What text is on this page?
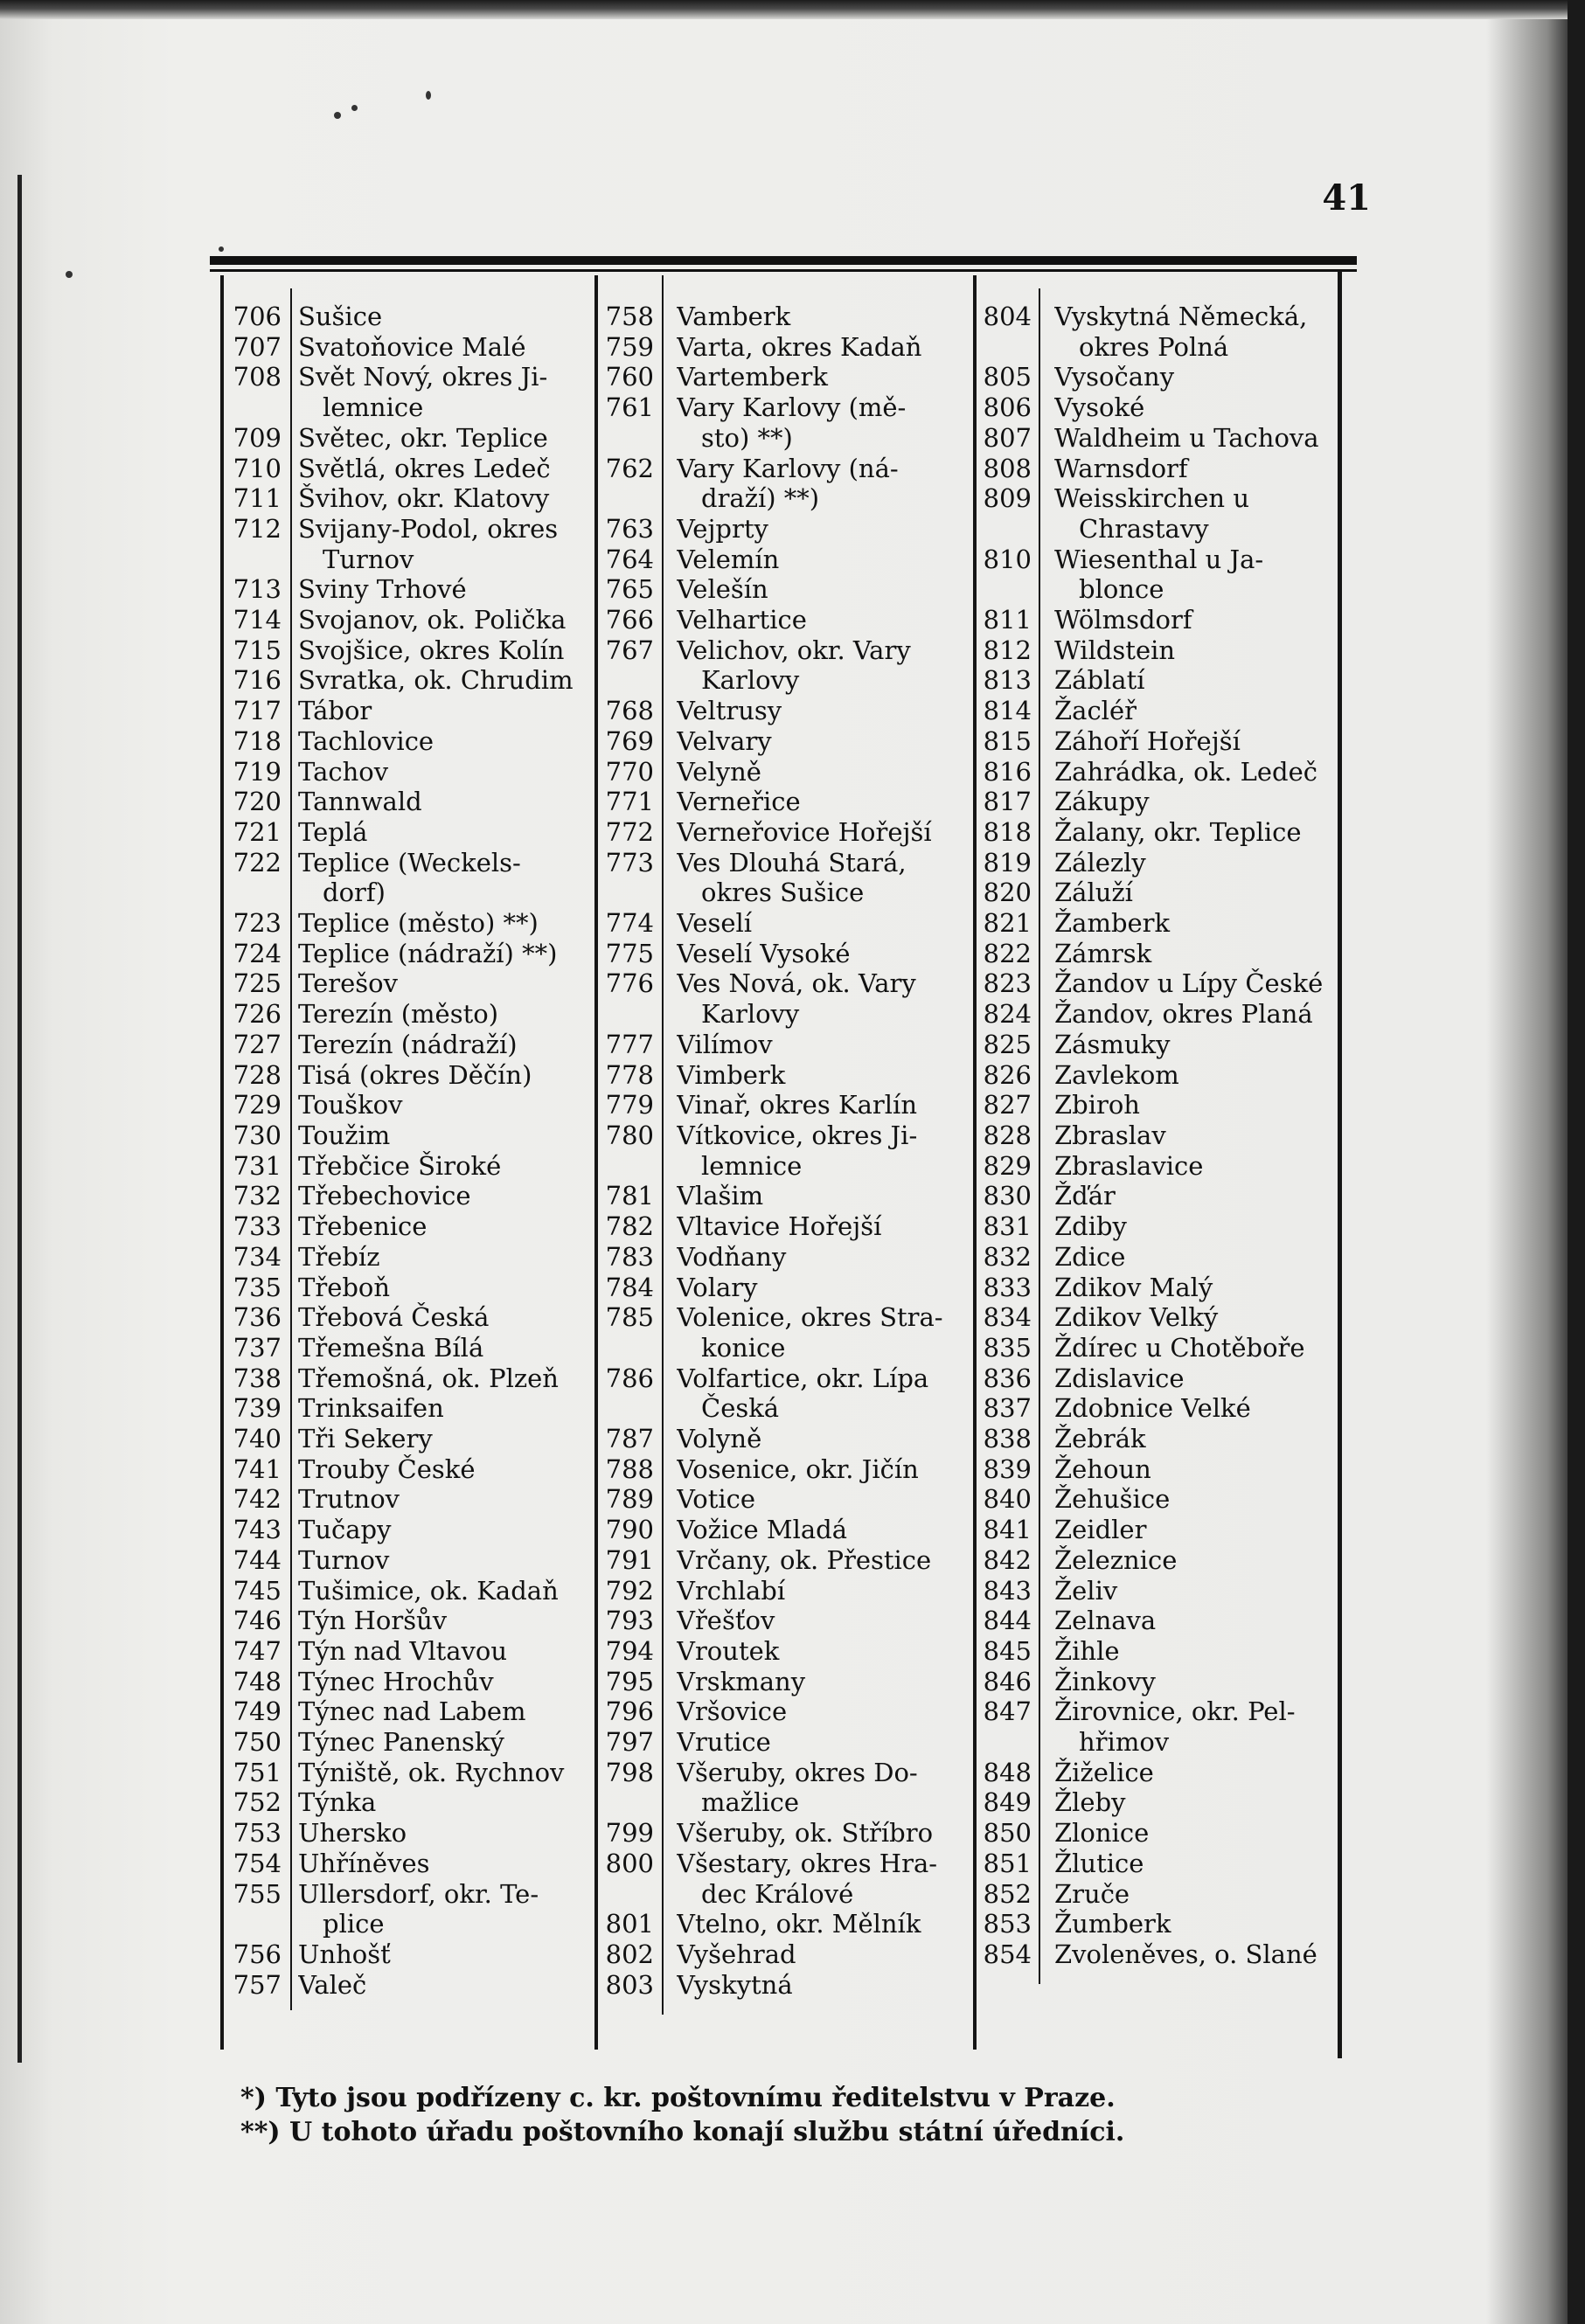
41
706 Sušice
707 Svatoňovice Malé
708 Svět Nový, okres Ji-
lemnice
709 Světec, okr. Teplice
710 Světlá, okres Ledeč
711 Švihov, okr. Klatovy
712 Svijany-Podol, okres
Turnov
713 Sviny Trhové
714 Svojanov, ok. Polička
715 Svojšice, okres Kolín
716 Svratka, ok. Chrudim
717 Tábor
718 Tachlovice
719 Tachov
720 Tannwald
721 Teplá
722 Teplice (Weckels-
dorf)
723 Teplice (město) **)
724 Teplice (nádraží) **)
725 Terešov
726 Terezín (město)
727 Terezín (nádraží)
728 Tisá (okres Děčín)
729 Touškov
730 Toužim
731 Třebčice Široké
732 Třebechovice
733 Třebenice
734 Třebíz
735 Třeboň
736 Třebová Česká
737 Třemešna Bílá
738 Třemošná, ok. Plzeň
739 Trinksaifen
740 Tři Sekery
741 Trouby České
742 Trutnov
743 Tučapy
744 Turnov
745 Tušimice, ok. Kadaň
746 Týn Horšův
747 Týn nad Vltavou
748 Týnec Hrochův
749 Týnec nad Labem
750 Týnec Panenský
751 Týniště, ok. Rychnov
752 Týnka
753 Uhersko
754 Uhříněves
755 Ullersdorf, okr. Te-
plice
756 Unhošť
757 Valeč
758 Vamberk
759 Varta, okres Kadaň
760 Vartemberk
761 Vary Karlovy (mě-
sto) **)
762 Vary Karlovy (ná-
draží) **)
763 Vejprty
764 Velemín
765 Velešín
766 Velhartice
767 Velichov, okr. Vary
Karlovy
768 Veltrusy
769 Velvary
770 Velyně
771 Verneřice
772 Verneřovice Hořejší
773 Ves Dlouhá Stará,
okres Sušice
774 Veselí
775 Veselí Vysoké
776 Ves Nová, ok. Vary
Karlovy
777 Vilímov
778 Vimberk
779 Vinař, okres Karlín
780 Vítkovice, okres Ji-
lemnice
781 Vlašim
782 Vltavice Hořejší
783 Vodňany
784 Volary
785 Volenice, okres Stra-
konice
786 Volfartice, okr. Lípa
Česká
787 Volyně
788 Vosenice, okr. Jičín
789 Votice
790 Vožice Mladá
791 Vrčany, ok. Přestice
792 Vrchlabí
793 Vřešťov
794 Vroutek
795 Vrskmany
796 Vršovice
797 Vrutice
798 Všeruby, okres Do-
mažlice
799 Všeruby, ok. Stříbro
800 Všestary, okres Hra-
dec Králové
801 Vtelno, okr. Mělník
802 Vyšehrad
803 Vyskytná
804 Vyskytná Německá,
okres Polná
805 Vysočany
806 Vysoké
807 Waldheim u Tachova
808 Warnsdorf
809 Weisskirchen u
Chrastavy
810 Wiesenthal u Ja-
blonce
811 Wölmsdorf
812 Wildstein
813 Záblatí
814 Žacléř
815 Záhoří Hořejší
816 Zahrádka, ok. Ledeč
817 Zákupy
818 Žalany, okr. Teplice
819 Zálezly
820 Záluží
821 Žamberk
822 Zámrsk
823 Žandov u Lípy České
824 Žandov, okres Planá
825 Zásmuky
826 Zavlekom
827 Zbiroh
828 Zbraslav
829 Zbraslavice
830 Žďár
831 Zdiby
832 Zdice
833 Zdikov Malý
834 Zdikov Velký
835 Ždírec u Chotěboře
836 Zdislavice
837 Zdobnice Velké
838 Žebrák
839 Žehoun
840 Žehušice
841 Zeidler
842 Železnice
843 Želiv
844 Zelnava
845 Žihle
846 Žinkovy
847 Žirovnice, okr. Pel-
hřimov
848 Žiželice
849 Žleby
850 Zlonice
851 Žlutice
852 Zruče
853 Žumberk
854 Zvoleněves, o. Slané
*) Tyto jsou podřízeny c. kr. poštovnímu ředitelstvu v Praze.
**) U tohoto úřadu poštovního konají službu státní úředníci.
